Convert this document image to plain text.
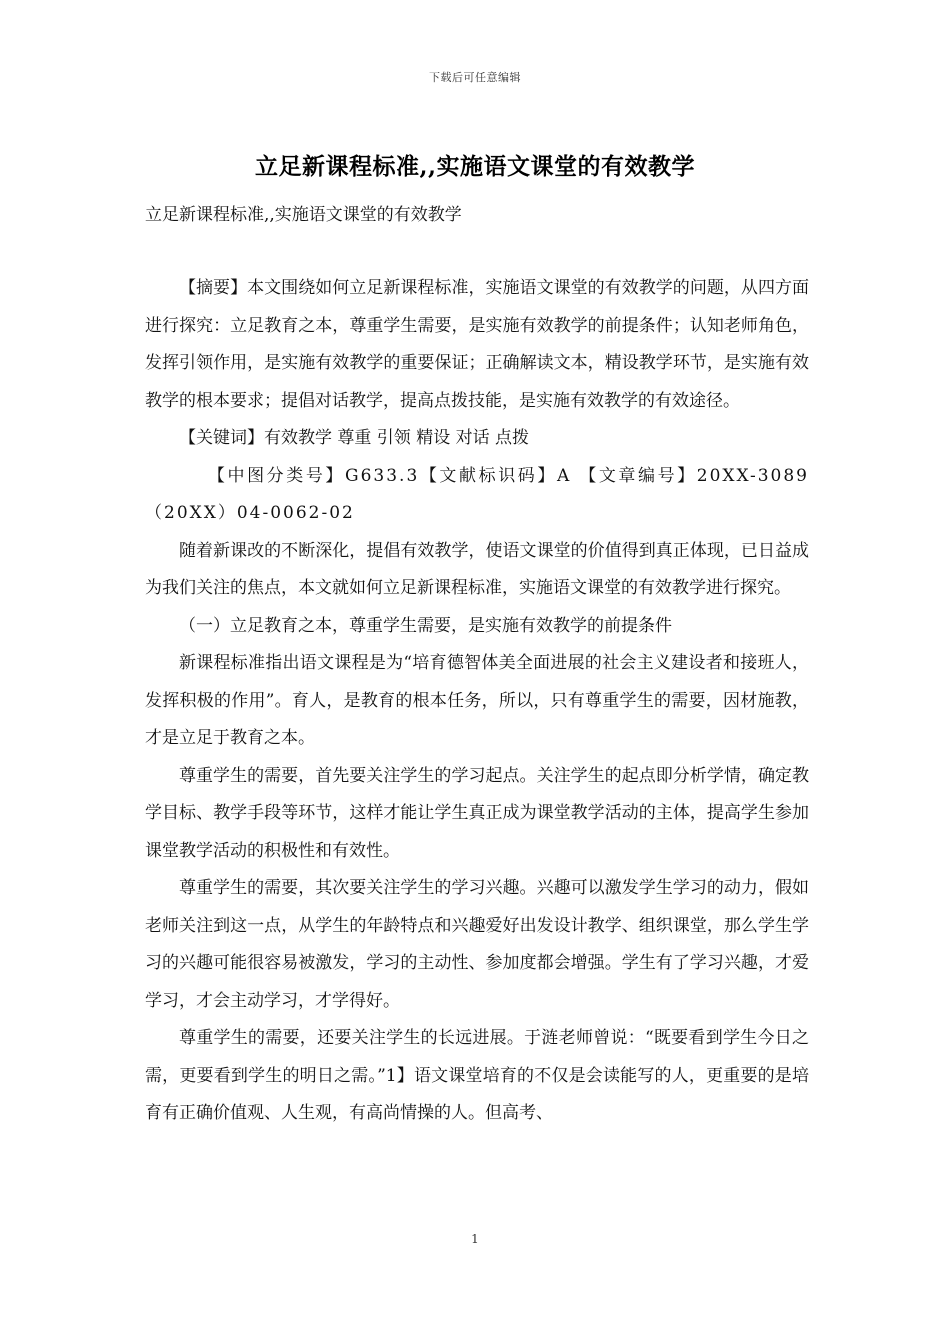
下载后可任意编辑
立足新课程标准,,实施语文课堂的有效教学
立足新课程标准,,实施语文课堂的有效教学

【摘要】本文围绕如何立足新课程标准，实施语文课堂的有效教学的问题，从四方面进行探究：立足教育之本，尊重学生需要，是实施有效教学的前提条件；认知老师角色，发挥引领作用，是实施有效教学的重要保证；正确解读文本，精设教学环节，是实施有效教学的根本要求；提倡对话教学，提高点拨技能，是实施有效教学的有效途径。

【关键词】有效教学 尊重 引领 精设 对话 点拨

【中图分类号】G633.3【文献标识码】A 【文章编号】20XX-3089（20XX）04-0062-02

随着新课改的不断深化，提倡有效教学，使语文课堂的价值得到真正体现，已日益成为我们关注的焦点，本文就如何立足新课程标准，实施语文课堂的有效教学进行探究。

（一）立足教育之本，尊重学生需要，是实施有效教学的前提条件

新课程标准指出语文课程是为“培育德智体美全面进展的社会主义建设者和接班人，发挥积极的作用”。育人，是教育的根本任务，所以，只有尊重学生的需要，因材施教，才是立足于教育之本。

尊重学生的需要，首先要关注学生的学习起点。关注学生的起点即分析学情，确定教学目标、教学手段等环节，这样才能让学生真正成为课堂教学活动的主体，提高学生参加课堂教学活动的积极性和有效性。

尊重学生的需要，其次要关注学生的学习兴趣。兴趣可以激发学生学习的动力，假如老师关注到这一点，从学生的年龄特点和兴趣爱好出发设计教学、组织课堂，那么学生学习的兴趣可能很容易被激发，学习的主动性、参加度都会增强。学生有了学习兴趣，才爱学习，才会主动学习，才学得好。

尊重学生的需要，还要关注学生的长远进展。于涟老师曾说：“既要看到学生今日之需，更要看到学生的明日之需。”1】语文课堂培育的不仅是会读能写的人，更重要的是培育有正确价值观、人生观，有高尚情操的人。但高考、

1
